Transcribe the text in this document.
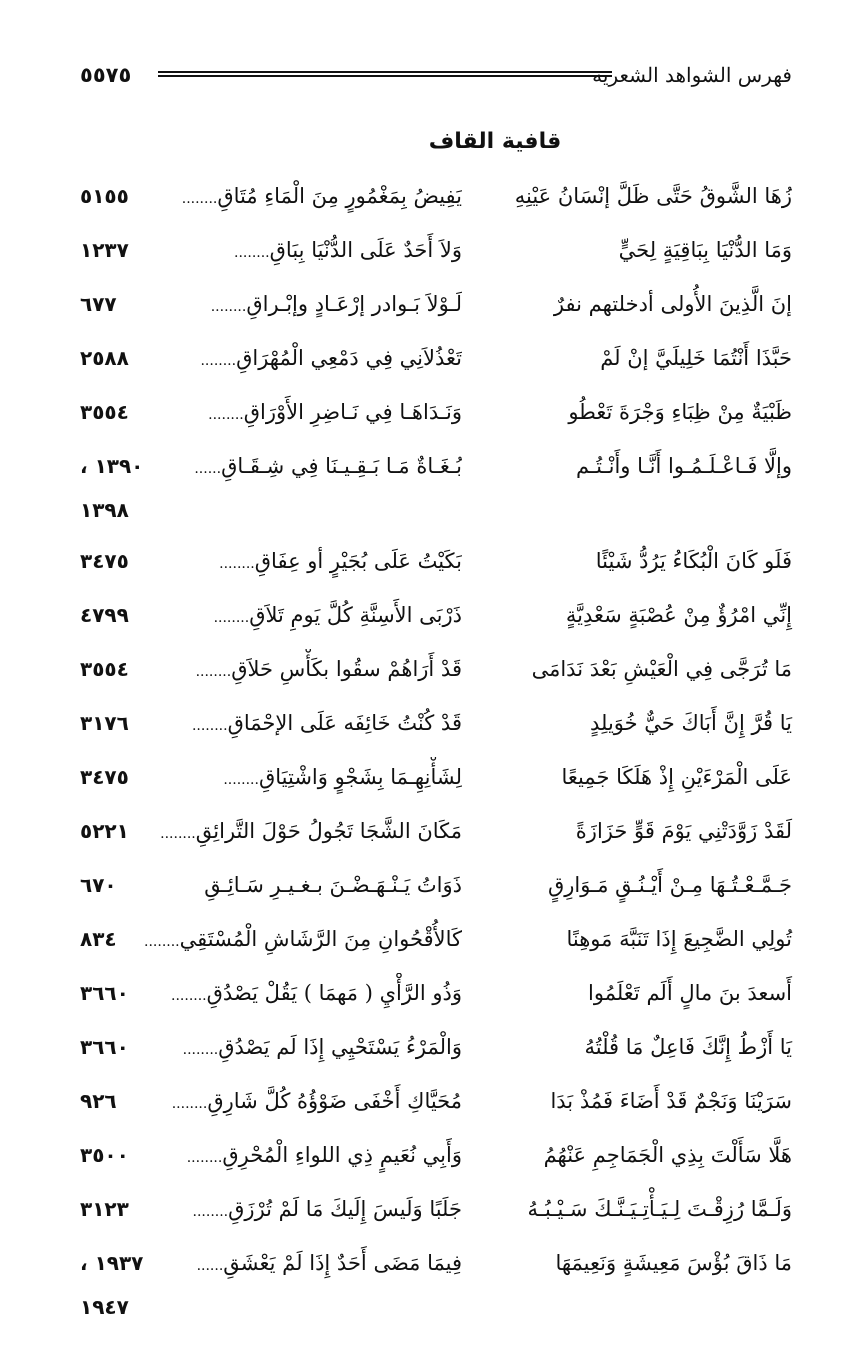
٥٥٧٥	فهرس الشواهد الشعرية
قافية القاف
زُهَا الشَّوقُ حَتَّى ظَلَّ إنْسَانُ عَيْنِهِ
يَفِيضُ بِمَغْمُورٍ مِنَ الْمَاءِ مُتَاقِ........
٥١٥٥
وَمَا الدُّنْيَا بِبَاقِيَةٍ لِحَيٍّ
وَلاَ أَحَدٌ عَلَى الدُّنْيَا بِبَاقِ........
١٢٣٧
إنَ الَّذِينَ الأُولى أدخلتهم نفرٌ
لَـوْلاَ بَـوادر إرْعَـادٍ وإبْـراقِ........
٦٧٧
حَبَّذَا أَنْتُمَا خَلِيلَيَّ إنْ لَمْ
تَعْذُلاَنِي فِي دَمْعِي الْمُهْرَاقِ........
٢٥٨٨
ظَبْيَةٌ مِنْ ظِبَاءِ وَجْرَةَ تَعْطُو
وَنَـدَاهَـا فِي نَـاضِرِ الأَوْرَاقِ........
٣٥٥٤
وإلَّا فَـاعْـلَـمُـوا أَنَّـا وأَنْـتُـم
بُـغَـاةٌ مَـا بَـقِـيـنَا فِي شِـقَـاقِ......
١٣٩٠ ،
١٣٩٨
فَلَو كَانَ الْبُكَاءُ يَرُدُّ شَيْئًا
بَكَيْتُ عَلَى بُجَيْرٍ أو عِفَاقِ........
٣٤٧٥
إِنِّي امْرُؤٌ مِنْ عُصْبَةٍ سَعْدِيَّةٍ
ذَرْبَى الأَسِنَّةِ كُلَّ يَومِ تَلاَقِ........
٤٧٩٩
مَا تُرَجَّى فِي الْعَيْشِ بَعْدَ نَدَامَى
قَدْ أَرَاهُمْ سقُوا بكَأْسِ حَلاَقِ........
٣٥٥٤
يَا قُرَّ إِنَّ أَبَاكَ حَيٌّ خُوَيلِدٍ
قَدْ كُنْتُ خَائِفَه عَلَى الإحْمَاقِ........
٣١٧٦
عَلَى الْمَرْءَيْنِ إِذْ هَلَكَا جَمِيعًا
لِشَأْنِهِـمَا بِشَجْوٍ وَاشْتِيَاقِ........
٣٤٧٥
لَقَدْ زَوَّدَتْنِي يَوْمَ قَوٍّ حَزَازَةً
مَكَانَ الشَّجَا تَجُولُ حَوْلَ التَّرائِقِ........
٥٢٢١
جَـمَّـعْـتُـهَا مِـنْ أَيْـنُـقٍ مَـوَارِقٍ
ذَوَاتُ يَـنْـهَـضْـنَ بـغـيـرِ سَـائِـقِ
٦٧٠
تُولِي الضَّجِيعَ إِذَا تَنَبَّهَ مَوهِنًا
كَالأُقْحُوانِ مِنَ الرَّشَاشِ الْمُسْتَقِي........
٨٣٤
أَسعدَ بنَ مالٍ أَلَم تَعْلَمُوا
وَذُو الرَّأْيِ ( مَهمَا ) يَقُلْ يَصْدُقِ........
٣٦٦٠
يَا أَزْطُ إِنَّكَ فَاعِلٌ مَا قُلْتُهُ
وَالْمَرْءُ يَسْتَحْيِي إِذَا لَم يَصْدُقِ........
٣٦٦٠
سَرَيْنَا وَنَجْمٌ قَدْ أَضَاءَ فَمُذْ بَدَا
مُحَيَّاكِ أَخْفَى ضَوْؤُهُ كُلَّ شَارِقِ........
٩٢٦
هَلَّا سَأَلْتَ بِذِي الْجَمَاجِمِ عَنْهُمُ
وَأَبِي نُعَيمٍ ذِي اللواءِ الْمُحْرِقِ........
٣٥٠٠
وَلَـمَّا رُزِقْـتَ لِـيَـأْتِـيَـنَّـكَ سَـيْـبُـهُ
جَلَبًا وَلَيسَ إِلَيكَ مَا لَمْ تُرْزَقِ........
٣١٢٣
مَا ذَاقَ بُؤْسَ مَعِيشَةٍ وَنَعِيمَهَا
فِيمَا مَضَى أَحَدٌ إِذَا لَمْ يَعْشَقِ......
١٩٣٧ ،
١٩٤٧
